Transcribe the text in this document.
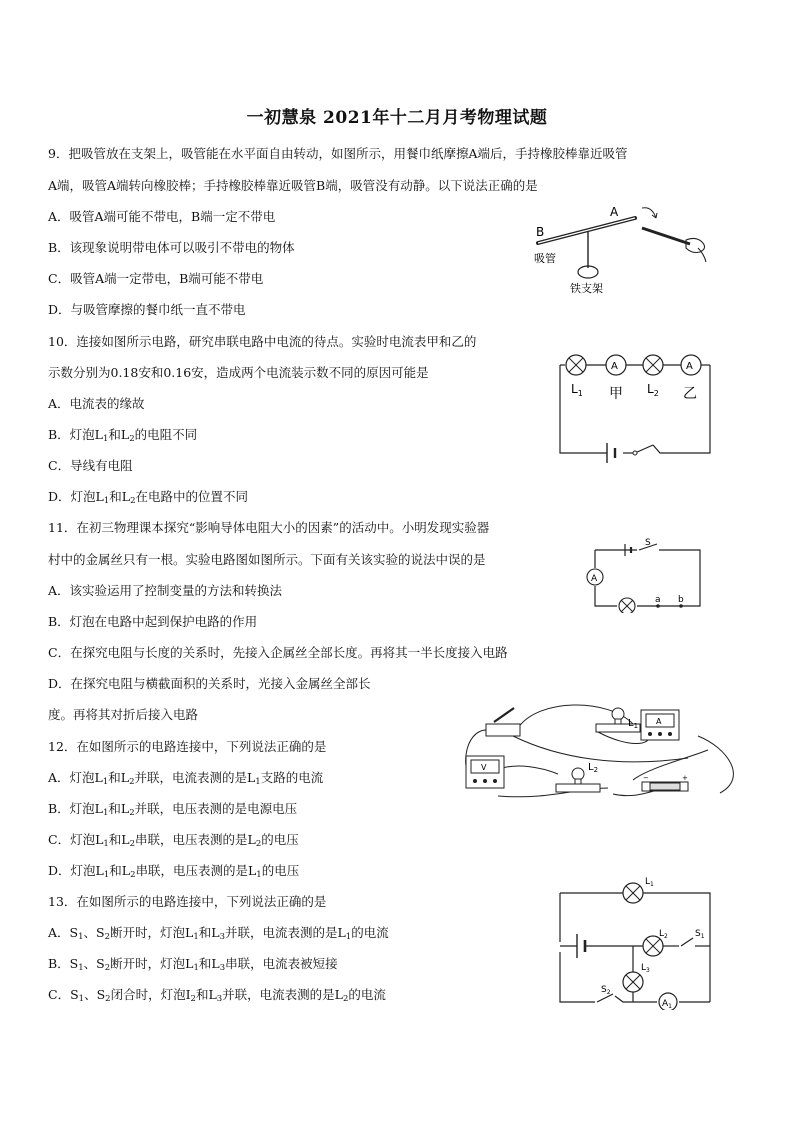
一初慧泉 2021年十二月月考物理试题
9．把吸管放在支架上，吸管能在水平面自由转动，如图所示，用餐巾纸摩擦A端后，手持橡胶棒靠近吸管
A端，吸管A端转向橡胶棒；手持橡胶棒靠近吸管B端，吸管没有动静。以下说法正确的是
A．吸管A端可能不带电，B端一定不带电
B．该现象说明带电体可以吸引不带电的物体
C．吸管A端一定带电，B端可能不带电
D．与吸管摩擦的餐巾纸一直不带电
A
B
吸管
铁支架
10．连接如图所示电路，研究串联电路中电流的待点。实验时电流表甲和乙的
示数分别为0.18安和0.16安，造成两个电流装示数不同的原因可能是
A．电流表的缘故
B．灯泡$L_1$和$L_2$的电阻不同
C．导线有电阻
D．灯泡$L_1$和$L_2$在电路中的位置不同
A	A
$L_1$	$L_2$
甲	乙
11．在初三物理课本探究“影响导体电阻大小的因素”的活动中。小明发现实验器
村中的金属丝只有一根。实验电路图如图所示。下面有关该实验的说法中误的是
A．该实验运用了控制变量的方法和转换法
B．灯泡在电路中起到保护电路的作用
C．在探究电阻与长度的关系时，先接入企属丝全部长度。再将其一半长度接入电路
D．在探究电阻与横截面积的关系时，光接入金属丝全部长
度。再将其对折后接入电路
A
S
a b
12．在如图所示的电路连接中，下列说法正确的是
A．灯泡$L_1$和$L_2$并联，电流表测的是$L_1$支路的电流
B．灯泡$L_1$和$L_2$并联，电压表测的是电源电压
C．灯泡$L_1$和$L_2$串联，电压表测的是$L_2$的电压
D．灯泡$L_1$和$L_2$串联，电压表测的是$L_1$的电压
A
V
−	+
$L_1$
$L_2$
13．在如图所示的电路连接中，下列说法正确的是
A．$S_1$、$S_2$断开时，灯泡$L_1$和$L_3$并联，电流表测的是$L_1$的电流
B．$S_1$、$S_2$断开时，灯泡$L_1$和$L_3$串联，电流表被短接
C．$S_1$、$S_2$闭合时，灯泡$I_2$和$L_3$并联，电流表测的是$L_2$的电流
$A_1$
$L_1$
$L_2$
$L_3$
$S_1$
$S_2$
